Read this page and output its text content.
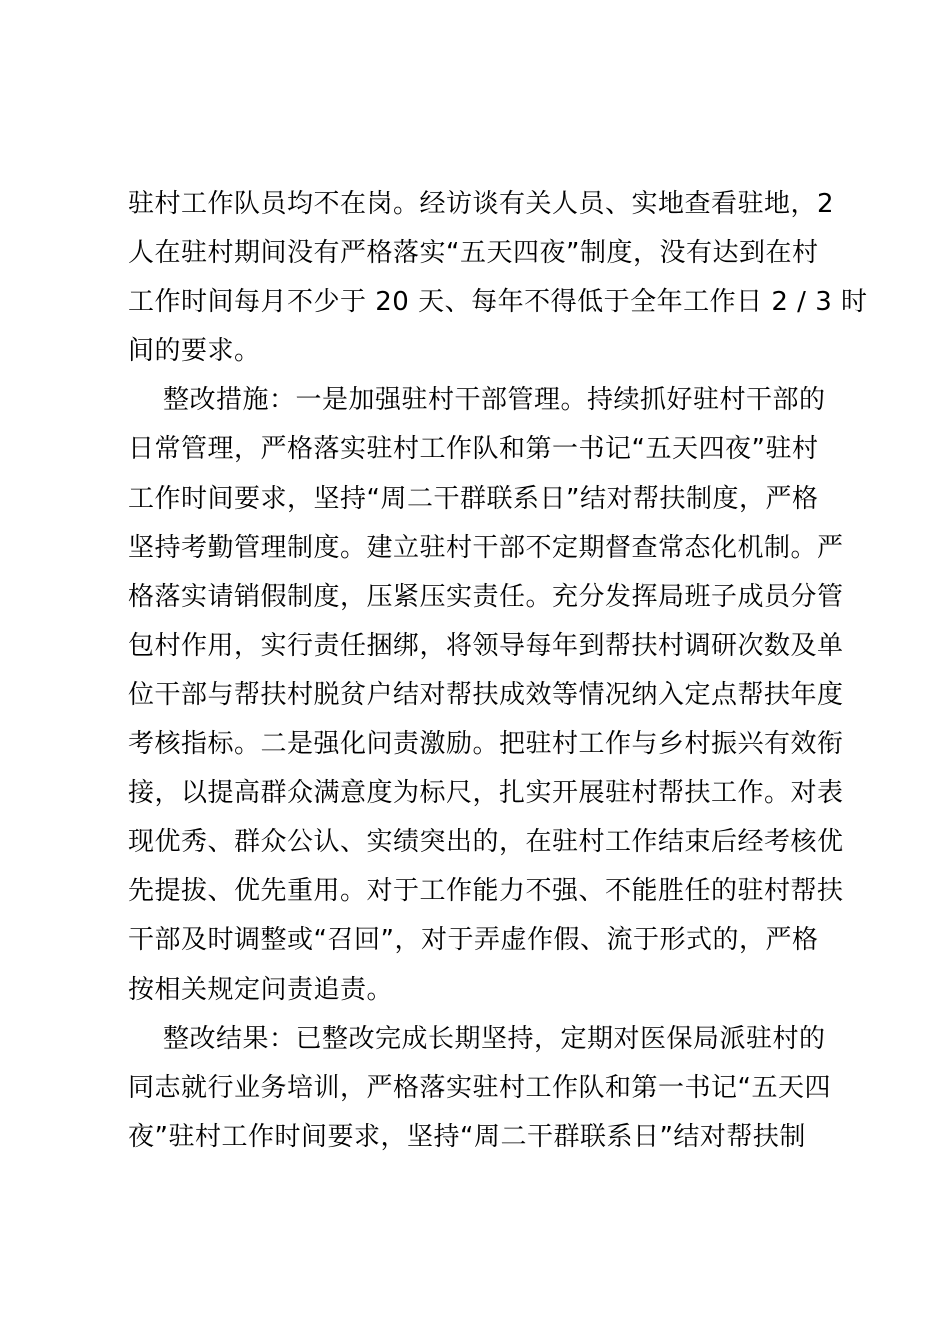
驻村工作队员均不在岗。经访谈有关人员、实地查看驻地，2
人在驻村期间没有严格落实“五天四夜”制度，没有达到在村
工作时间每月不少于 20 天、每年不得低于全年工作日 2 / 3 时
间的要求。
整改措施：一是加强驻村干部管理。持续抓好驻村干部的
日常管理，严格落实驻村工作队和第一书记“五天四夜”驻村
工作时间要求，坚持“周二干群联系日”结对帮扶制度，严格
坚持考勤管理制度。建立驻村干部不定期督查常态化机制。严
格落实请销假制度，压紧压实责任。充分发挥局班子成员分管
包村作用，实行责任捆绑，将领导每年到帮扶村调研次数及单
位干部与帮扶村脱贫户结对帮扶成效等情况纳入定点帮扶年度
考核指标。二是强化问责激励。把驻村工作与乡村振兴有效衔
接，以提高群众满意度为标尺，扎实开展驻村帮扶工作。对表
现优秀、群众公认、实绩突出的，在驻村工作结束后经考核优
先提拔、优先重用。对于工作能力不强、不能胜任的驻村帮扶
干部及时调整或“召回”，对于弄虚作假、流于形式的，严格
按相关规定问责追责。
整改结果：已整改完成长期坚持，定期对医保局派驻村的
同志就行业务培训，严格落实驻村工作队和第一书记“五天四
夜”驻村工作时间要求，坚持“周二干群联系日”结对帮扶制
